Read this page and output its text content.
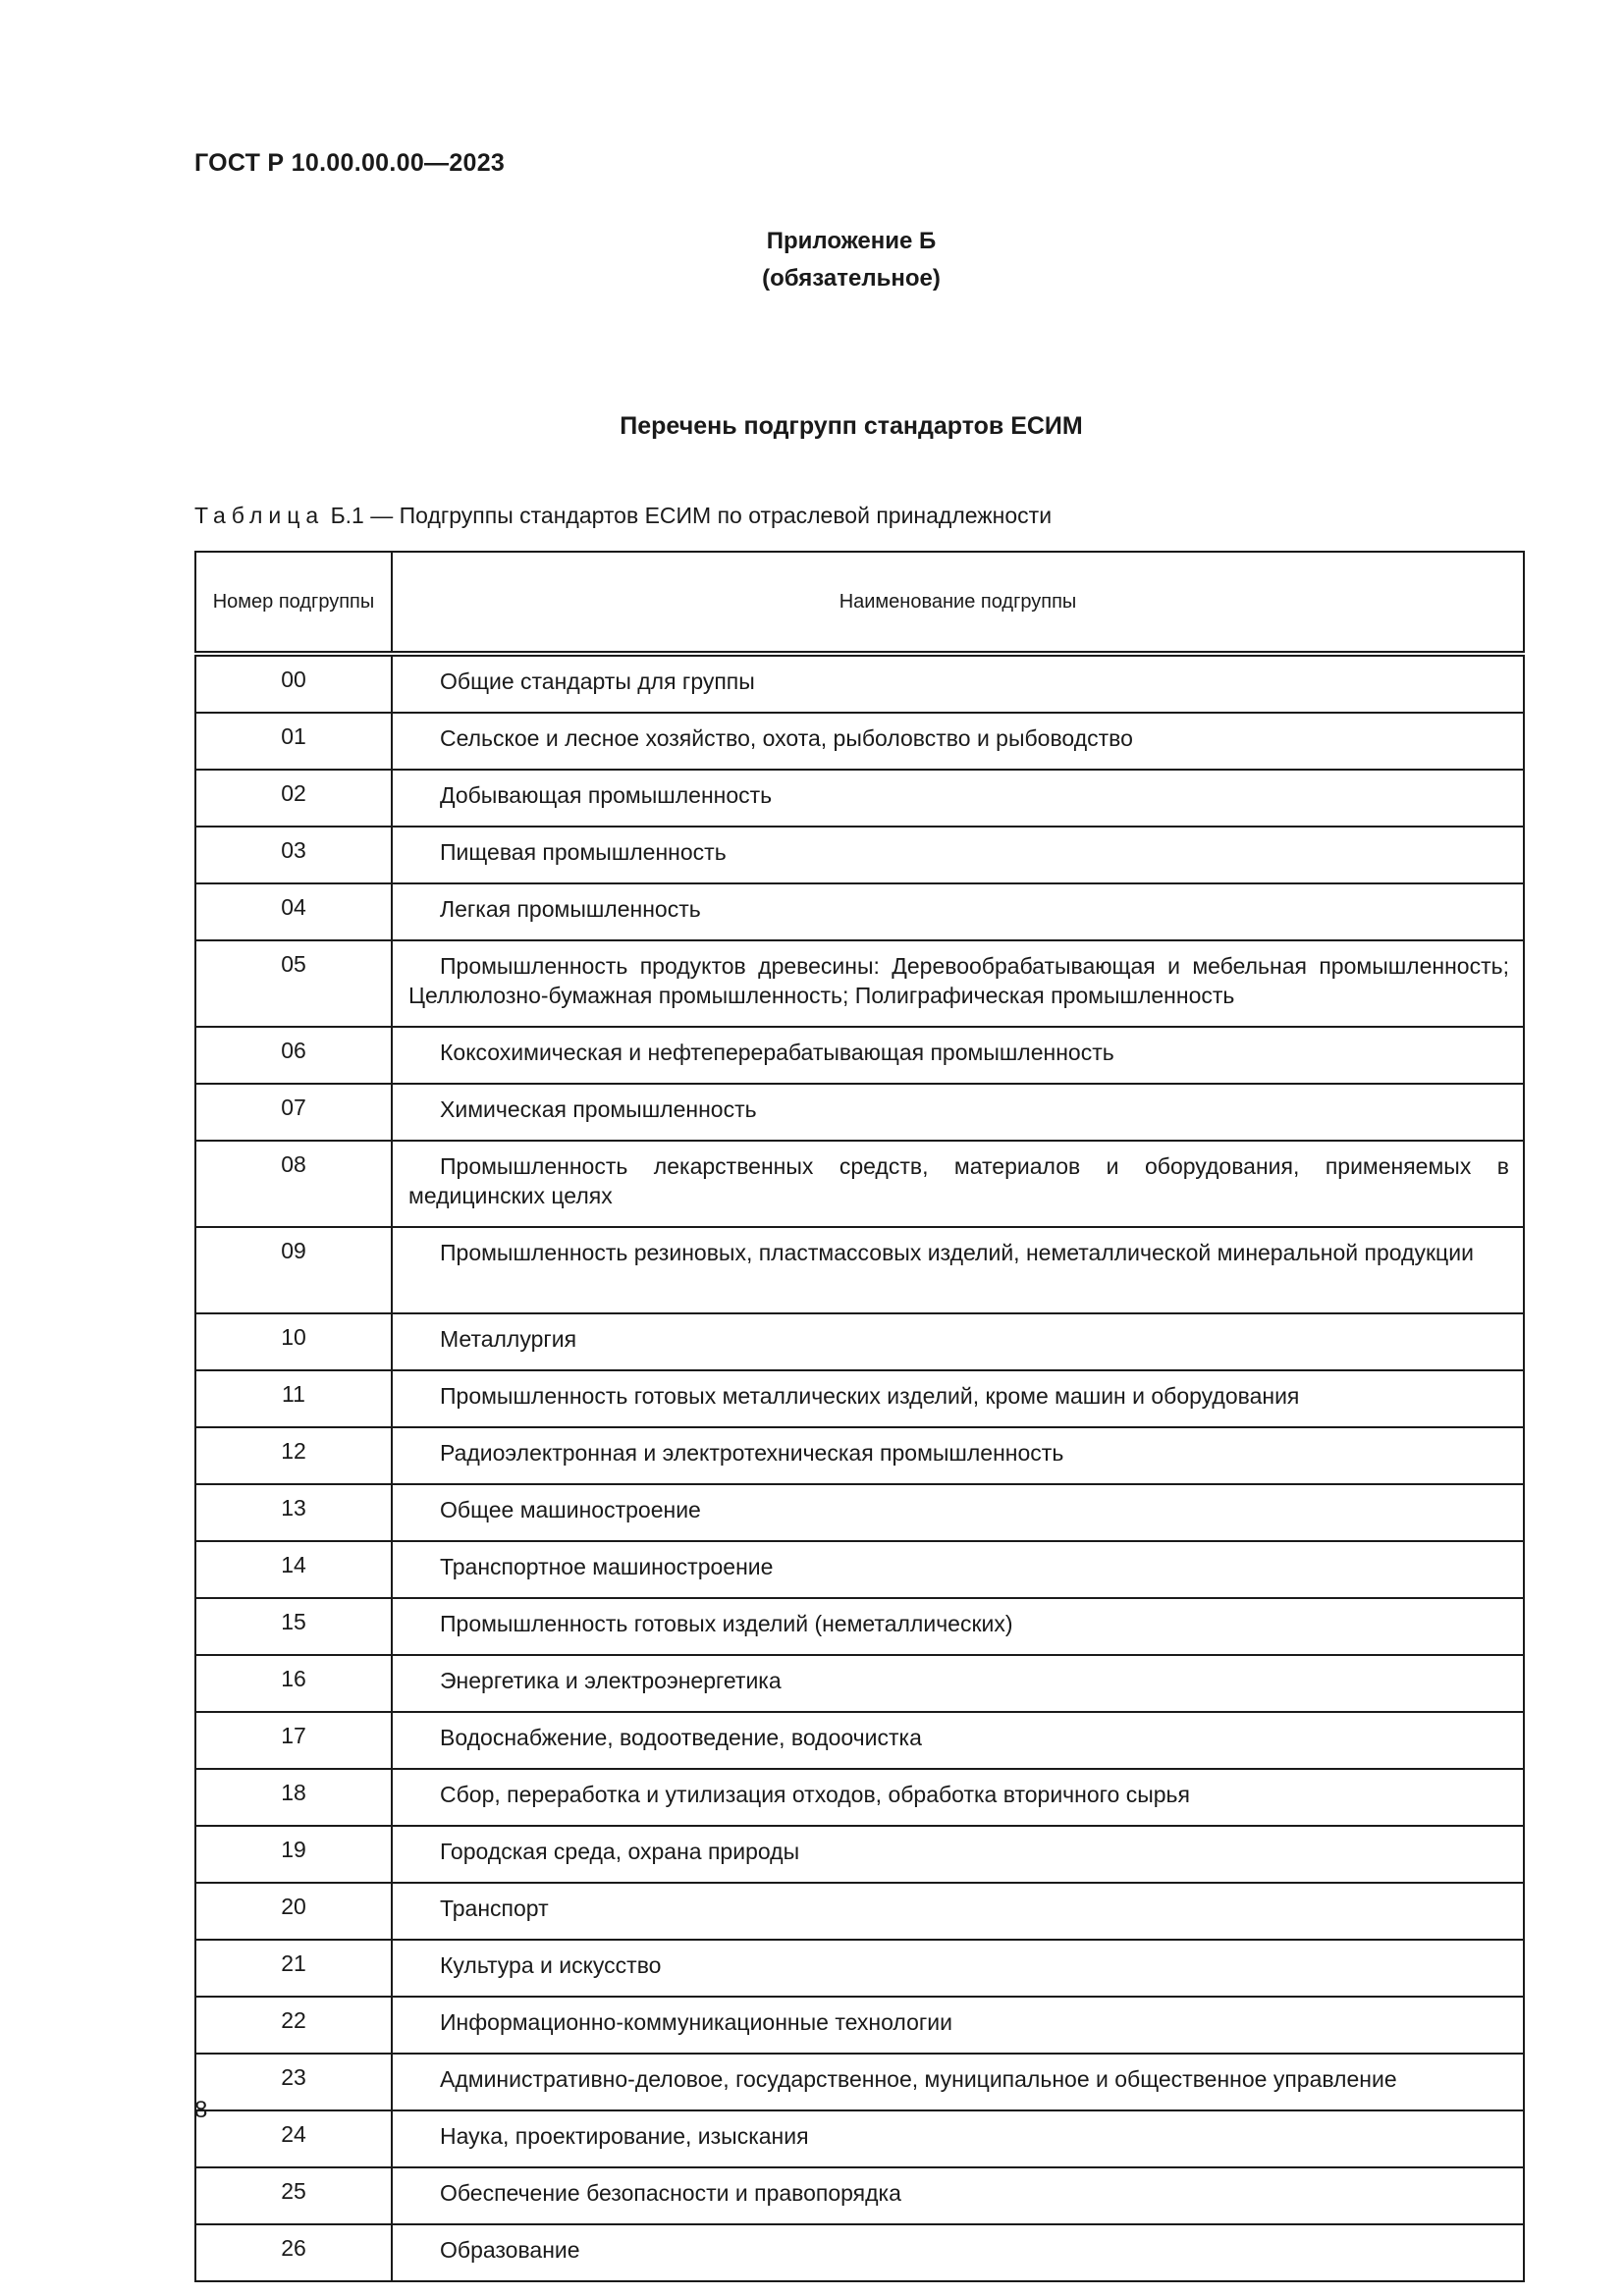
ГОСТ Р 10.00.00.00—2023
Приложение Б
(обязательное)
Перечень подгрупп стандартов ЕСИМ
Таблица Б.1 — Подгруппы стандартов ЕСИМ по отраслевой принадлежности
Номер подгруппы	Наименование подгруппы
00	Общие стандарты для группы

01	Сельское и лесное хозяйство, охота, рыболовство и рыбоводство

02	Добывающая промышленность

03	Пищевая промышленность

04	Легкая промышленность

05	Промышленность продуктов древесины: Деревообрабатывающая и мебельная промышленность; Целлюлозно-бумажная промышленность; Полиграфическая промышленность

06	Коксохимическая и нефтеперерабатывающая промышленность

07	Химическая промышленность

08	Промышленность лекарственных средств, материалов и оборудования, применяемых в медицинских целях

09	Промышленность резиновых, пластмассовых изделий, неметаллической минеральной продукции

10	Металлургия

11	Промышленность готовых металлических изделий, кроме машин и оборудования

12	Радиоэлектронная и электротехническая промышленность

13	Общее машиностроение

14	Транспортное машиностроение

15	Промышленность готовых изделий (неметаллических)

16	Энергетика и электроэнергетика

17	Водоснабжение, водоотведение, водоочистка

18	Сбор, переработка и утилизация отходов, обработка вторичного сырья

19	Городская среда, охрана природы

20	Транспорт

21	Культура и искусство

22	Информационно-коммуникационные технологии

23	Административно-деловое, государственное, муниципальное и общественное управление

24	Наука, проектирование, изыскания

25	Обеспечение безопасности и правопорядка

26	Образование
8
